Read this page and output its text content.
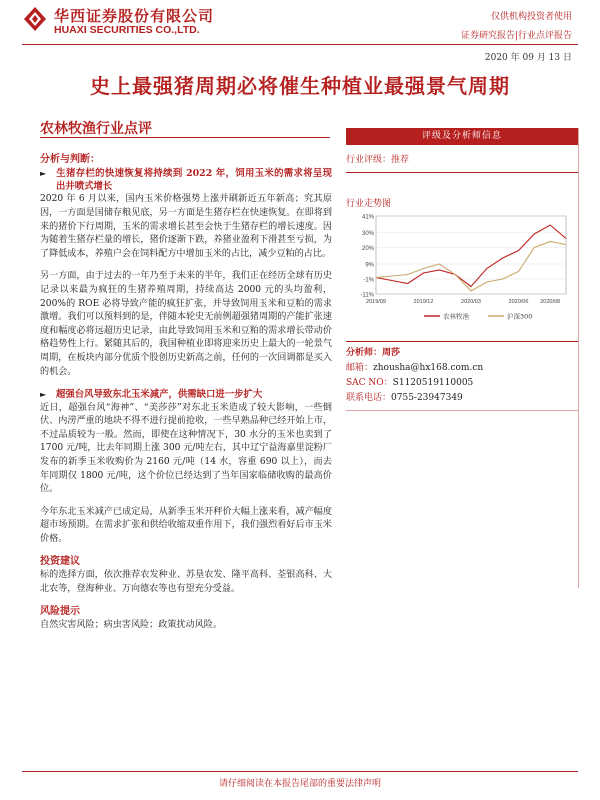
华西证券股份有限公司
HUAXI SECURITIES CO.,LTD.
仅供机构投资者使用
证券研究报告|行业点评报告
2020 年 09 月 13 日
史上最强猪周期必将催生种植业最强景气周期
农林牧渔行业点评

分析与判断：

► 生猪存栏的快速恢复将持续到 2022 年，饲用玉米的需求将呈现出井喷式增长

2020 年 6 月以来，国内玉米价格强势上涨并刷新近五年新高；究其原因，一方面是国储存粮见底，另一方面是生猪存栏在快速恢复。在即将到来的猪价下行周期，玉米的需求增长甚至会快于生猪存栏的增长速度。因为随着生猪存栏量的增长，猪价逐渐下跌，养猪业盈利下滑甚至亏损，为了降低成本，养殖户会在饲料配方中增加玉米的占比，减少豆粕的占比。

另一方面，由于过去的一年乃至于未来的半年，我们正在经历全球有历史记录以来最为疯狂的生猪养殖周期，持续高达 2000 元的头均盈利，200%的 ROE 必将导致产能的疯狂扩张，并导致饲用玉米和豆粕的需求激增。我们可以预料到的是，伴随本轮史无前例超强猪周期的产能扩张速度和幅度必将远超历史记录，由此导致饲用玉米和豆粕的需求增长带动价格趋势性上行。紧随其后的，我国种植业即将迎来历史上最大的一轮景气周期，在板块内部分优质个股创历史新高之前，任何的一次回调都是买入的机会。

► 超强台风导致东北玉米减产，供需缺口进一步扩大

近日，超强台风“海神”、“美莎莎”对东北玉米造成了较大影响，一些倒伏、内涝严重的地块不得不进行提前抢收，一些早熟品种已经开始上市，不过品质较为一般。然而，即使在这种情况下，30 水分的玉米也卖到了 1700 元/吨，比去年同期上涨 300 元/吨左右，其中辽宁益海嘉里淀粉厂发布的新季玉米收购价为 2160 元/吨（14 水，容重 690 以上），而去年同期仅 1800 元/吨，这个价位已经达到了当年国家临储收购的最高价位。

今年东北玉米减产已成定局，从新季玉米开秤价大幅上涨来看，减产幅度超市场预期。在需求扩张和供给收缩双重作用下，我们强烈看好后市玉米价格。

投资建议

标的选择方面，依次推荐农发种业、苏垦农发、隆平高科、荃银高科、大北农等，登海种业、万向德农等也有望充分受益。

风险提示

自然灾害风险；病虫害风险；政策扰动风险。

评级及分析师信息
行业评级：推荐
行业走势图
41%
30%
20%
9%
-1%
-11%
2019/09	2019/12	2020/03	2020/06 2020/08
农林牧渔	沪深300
分析师：周莎
邮箱：zhousha@hx168.com.cn
SAC NO：S1120519110005
联系电话：0755-23947349
请仔细阅读在本报告尾部的重要法律声明
